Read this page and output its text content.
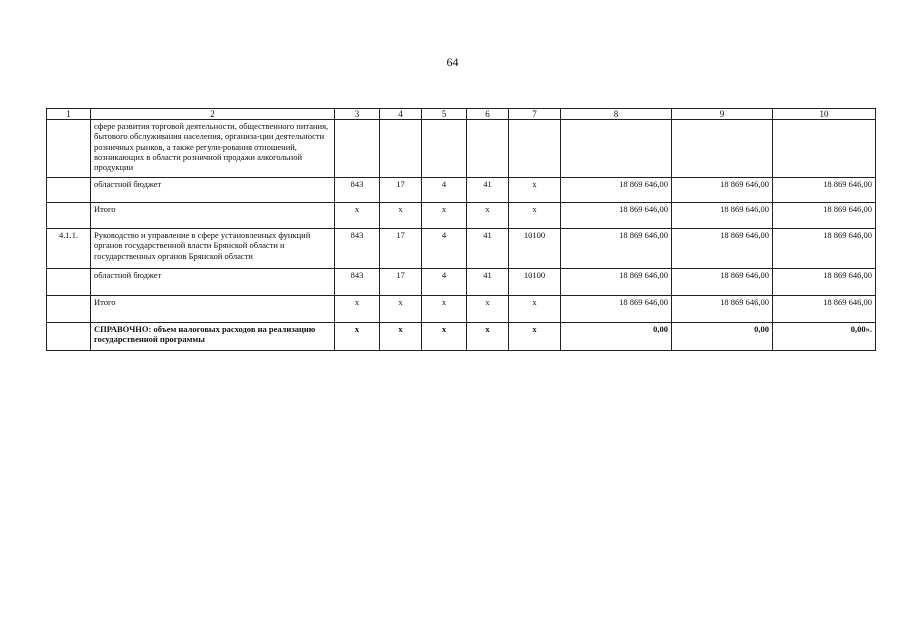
64
1	2	3	4	5	6	7	8	9	10
	сфере развития торговой деятельности, общественного питания, бытового обслуживания населения, организа-ции деятельности розничных рынков, а также регули-рования отношений, возникающих в области розничной продажи алкогольной продукции								
	областной бюджет	843	17	4	41	х	18 869 646,00	18 869 646,00	18 869 646,00
	Итого	х	х	х	х	х	18 869 646,00	18 869 646,00	18 869 646,00
4.1.1.	Руководство и управление в сфере установленных функций органов государственной власти Брянской области и государственных органов Брянской области	843	17	4	41	10100	18 869 646,00	18 869 646,00	18 869 646,00
	областной бюджет	843	17	4	41	10100	18 869 646,00	18 869 646,00	18 869 646,00
	Итого	х	х	х	х	х	18 869 646,00	18 869 646,00	18 869 646,00
	СПРАВОЧНО: объем налоговых расходов на реализацию государственной программы	х	х	х	х	х	0,00	0,00	0,00».
